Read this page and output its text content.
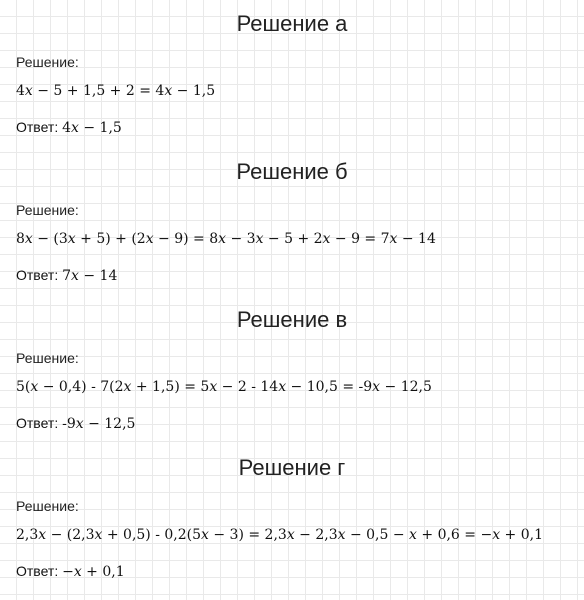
Решение а
Решение:
4𝑥 − 5 + 1,5 + 2 = 4𝑥 − 1,5
Ответ: 4𝑥 − 1,5
Решение б
Решение:
8𝑥 − (3𝑥 + 5) + (2𝑥 − 9) = 8𝑥 − 3𝑥 − 5 + 2𝑥 − 9 = 7𝑥 − 14
Ответ: 7𝑥 − 14
Решение в
Решение:
5(𝑥 − 0,4) - 7(2𝑥 + 1,5) = 5𝑥 − 2 - 14𝑥 − 10,5 = -9𝑥 − 12,5
Ответ: -9𝑥 − 12,5
Решение г
Решение:
2,3𝑥 − (2,3𝑥 + 0,5) - 0,2(5𝑥 − 3) = 2,3𝑥 − 2,3𝑥 − 0,5 − 𝑥 + 0,6 = −𝑥 + 0,1
Ответ: −𝑥 + 0,1
